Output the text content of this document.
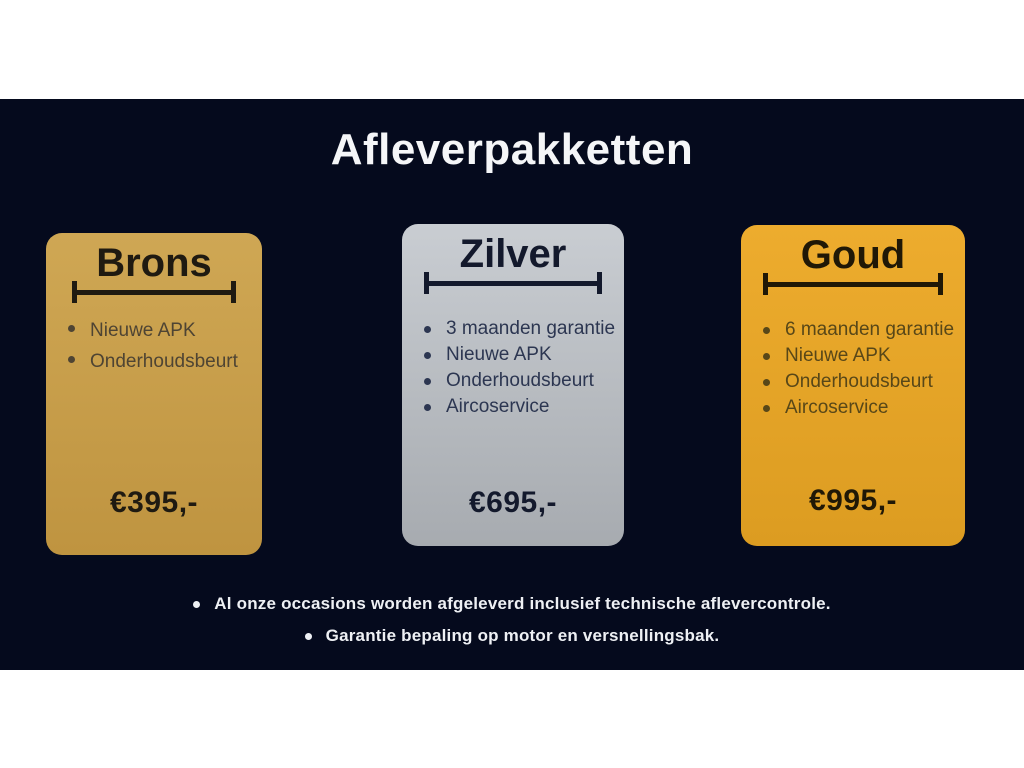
Afleverpakketten
Brons
Nieuwe APK
Onderhoudsbeurt
€395,-
Zilver
3 maanden garantie
Nieuwe APK
Onderhoudsbeurt
Aircoservice
€695,-
Goud
6 maanden garantie
Nieuwe APK
Onderhoudsbeurt
Aircoservice
€995,-
Al onze occasions worden afgeleverd inclusief technische aflevercontrole.
Garantie bepaling op motor en versnellingsbak.
